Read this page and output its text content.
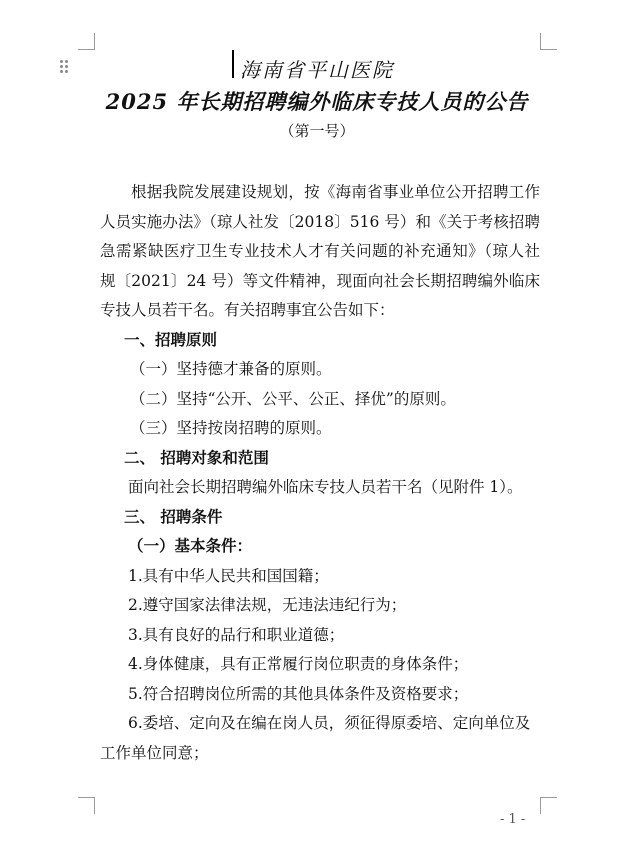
海南省平山医院
2025 年长期招聘编外临床专技人员的公告
（第一号）

根据我院发展建设规划，按《海南省事业单位公开招聘工作人员实施办法》（琼人社发〔2018〕516 号）和《关于考核招聘急需紧缺医疗卫生专业技术人才有关问题的补充通知》（琼人社规〔2021〕24 号）等文件精神，现面向社会长期招聘编外临床专技人员若干名。有关招聘事宜公告如下：

一、招聘原则

（一）坚持德才兼备的原则。

（二）坚持“公开、公平、公正、择优”的原则。

（三）坚持按岗招聘的原则。

二、 招聘对象和范围

面向社会长期招聘编外临床专技人员若干名（见附件 1）。

三、 招聘条件

（一）基本条件：

1.具有中华人民共和国国籍；

2.遵守国家法律法规，无违法违纪行为；

3.具有良好的品行和职业道德；

4.身体健康，具有正常履行岗位职责的身体条件；

5.符合招聘岗位所需的其他具体条件及资格要求；

6.委培、定向及在编在岗人员，须征得原委培、定向单位及工作单位同意；

- 1 -
